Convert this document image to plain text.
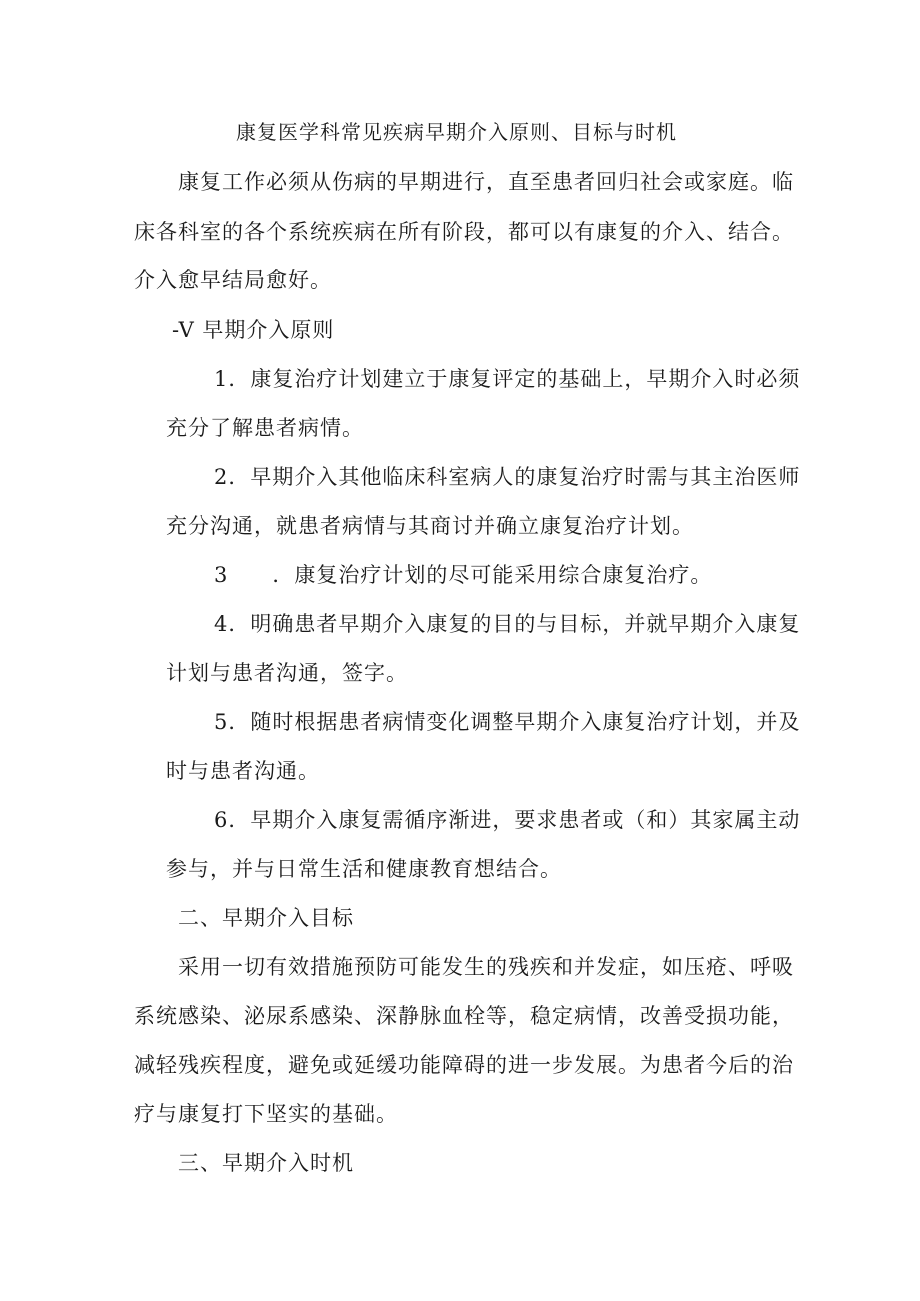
康复医学科常见疾病早期介入原则、目标与时机
康复工作必须从伤病的早期进行，直至患者回归社会或家庭。临
床各科室的各个系统疾病在所有阶段，都可以有康复的介入、结合。
介入愈早结局愈好。
-V 早期介入原则
1．康复治疗计划建立于康复评定的基础上，早期介入时必须
充分了解患者病情。
2．早期介入其他临床科室病人的康复治疗时需与其主治医师
充分沟通，就患者病情与其商讨并确立康复治疗计划。
3　　．康复治疗计划的尽可能采用综合康复治疗。
4．明确患者早期介入康复的目的与目标，并就早期介入康复
计划与患者沟通，签字。
5．随时根据患者病情变化调整早期介入康复治疗计划，并及
时与患者沟通。
6．早期介入康复需循序渐进，要求患者或（和）其家属主动
参与，并与日常生活和健康教育想结合。
二、早期介入目标
采用一切有效措施预防可能发生的残疾和并发症，如压疮、呼吸
系统感染、泌尿系感染、深静脉血栓等，稳定病情，改善受损功能，
减轻残疾程度，避免或延缓功能障碍的进一步发展。为患者今后的治
疗与康复打下坚实的基础。
三、早期介入时机
